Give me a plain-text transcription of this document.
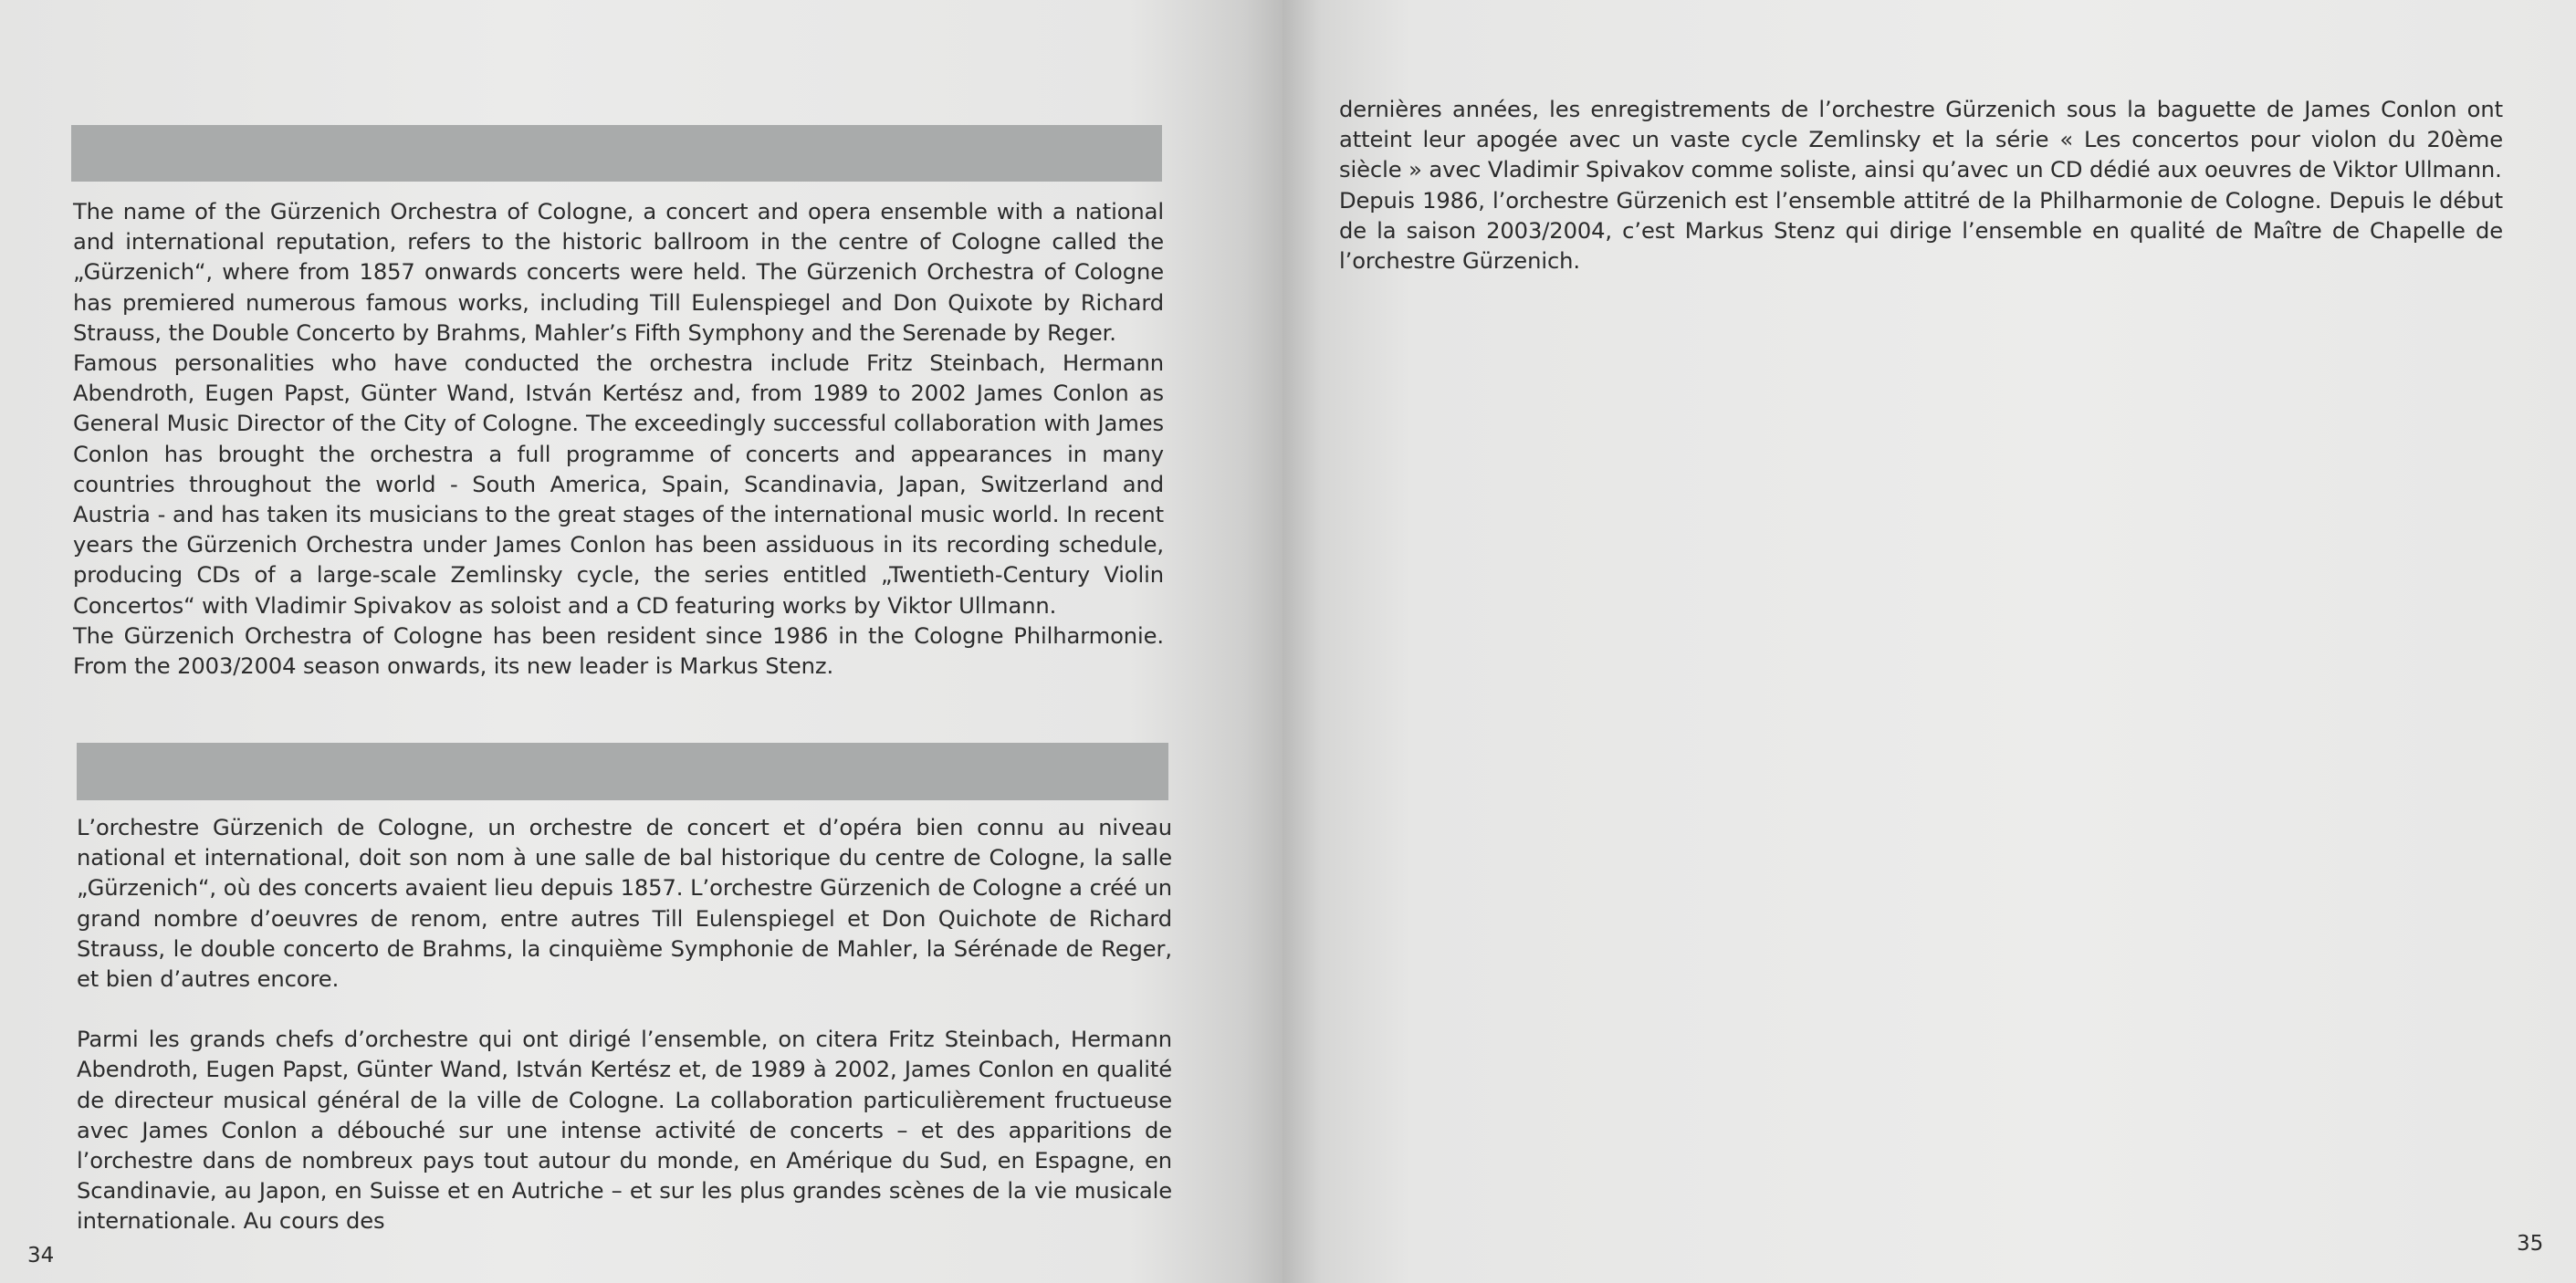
The name of the Gürzenich Orchestra of Cologne, a concert and opera ensemble with a national and international reputation, refers to the historic ballroom in the centre of Cologne called the „Gürzenich“, where from 1857 onwards concerts were held. The Gürzenich Orchestra of Cologne has premiered numerous famous works, including Till Eulenspiegel and Don Quixote by Richard Strauss, the Double Concerto by Brahms, Mahler’s Fifth Symphony and the Serenade by Reger.

Famous personalities who have conducted the orchestra include Fritz Steinbach, Hermann Abendroth, Eugen Papst, Günter Wand, István Kertész and, from 1989 to 2002 James Conlon as General Music Director of the City of Cologne. The exceedingly successful collaboration with James Conlon has brought the orchestra a full programme of concerts and appearances in many countries throughout the world - South America, Spain, Scandinavia, Japan, Switzerland and Austria - and has taken its musicians to the great stages of the international music world. In recent years the Gürzenich Orchestra under James Conlon has been assiduous in its recording schedule, producing CDs of a large-scale Zemlinsky cycle, the series entitled „Twentieth-Century Violin Concertos“ with Vladimir Spivakov as soloist and a CD featuring works by Viktor Ullmann.

The Gürzenich Orchestra of Cologne has been resident since 1986 in the Cologne Philharmonie. From the 2003/2004 season onwards, its new leader is Markus Stenz.

L’orchestre Gürzenich de Cologne, un orchestre de concert et d’opéra bien connu au niveau national et international, doit son nom à une salle de bal historique du centre de Cologne, la salle „Gürzenich“, où des concerts avaient lieu depuis 1857. L’orchestre Gürzenich de Cologne a créé un grand nombre d’oeuvres de renom, entre autres Till Eulenspiegel et Don Quichote de Richard Strauss, le double concerto de Brahms, la cinquième Symphonie de Mahler, la Sérénade de Reger, et bien d’autres encore.

Parmi les grands chefs d’orchestre qui ont dirigé l’ensemble, on citera Fritz Steinbach, Hermann Abendroth, Eugen Papst, Günter Wand, István Kertész et, de 1989 à 2002, James Conlon en qualité de directeur musical général de la ville de Cologne. La collaboration particulièrement fructueuse avec James Conlon a débouché sur une intense activité de concerts – et des apparitions de l’orchestre dans de nombreux pays tout autour du monde, en Amérique du Sud, en Espagne, en Scandinavie, au Japon, en Suisse et en Autriche – et sur les plus grandes scènes de la vie musicale internationale. Au cours des

34

dernières années, les enregistrements de l’orchestre Gürzenich sous la baguette de James Conlon ont atteint leur apogée avec un vaste cycle Zemlinsky et la série « Les concertos pour violon du 20ème siècle » avec Vladimir Spivakov comme soliste, ainsi qu’avec un CD dédié aux oeuvres de Viktor Ullmann.

Depuis 1986, l’orchestre Gürzenich est l’ensemble attitré de la Philharmonie de Cologne. Depuis le début de la saison 2003/2004, c’est Markus Stenz qui dirige l’ensemble en qualité de Maître de Chapelle de l’orchestre Gürzenich.

35
